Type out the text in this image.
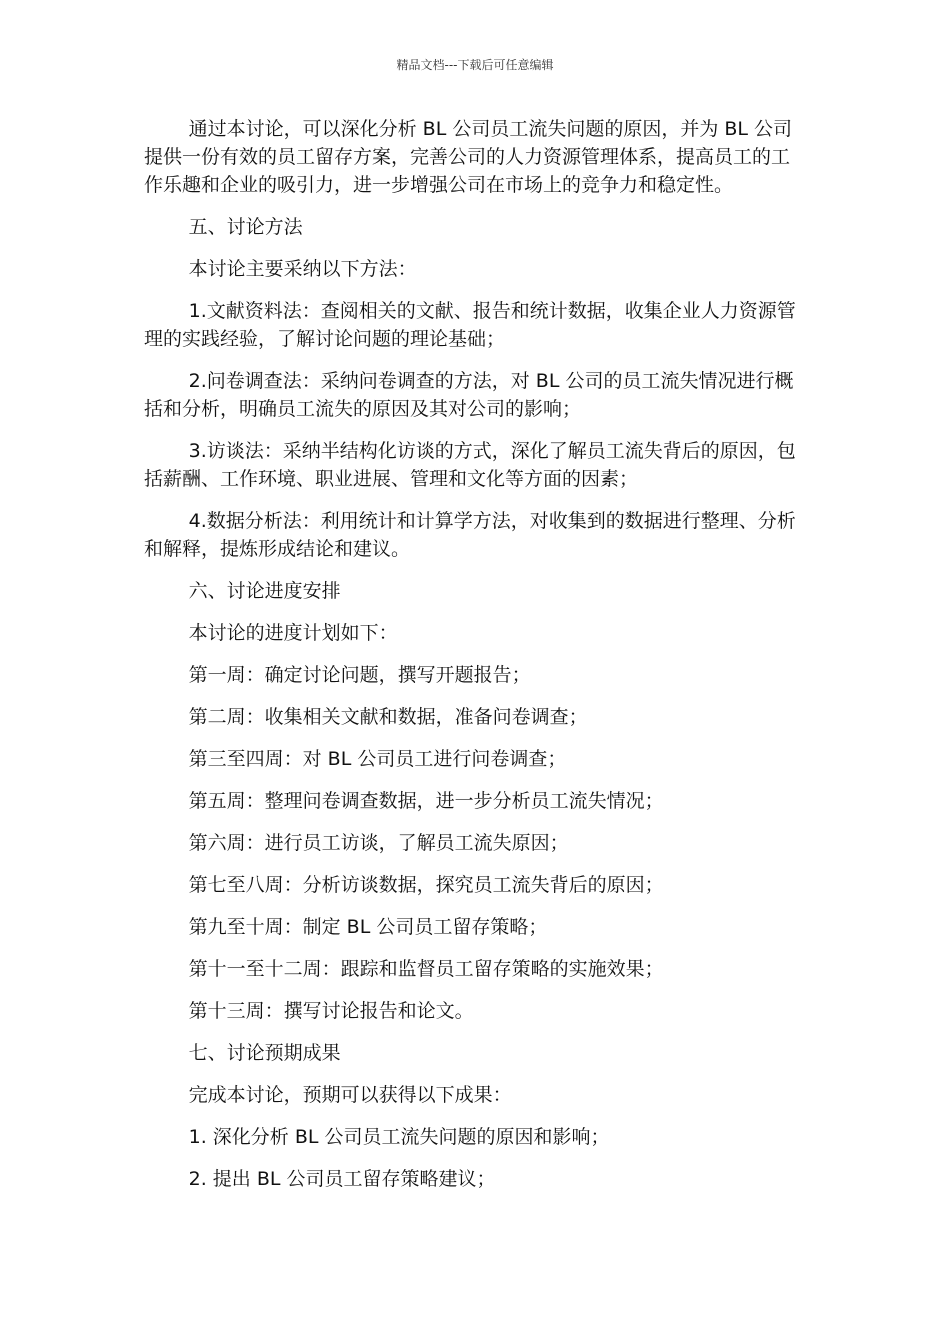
精品文档---下载后可任意编辑

通过本讨论，可以深化分析 BL 公司员工流失问题的原因，并为 BL 公司提供一份有效的员工留存方案，完善公司的人力资源管理体系，提高员工的工作乐趣和企业的吸引力，进一步增强公司在市场上的竞争力和稳定性。

五、讨论方法

本讨论主要采纳以下方法：

1.文献资料法：查阅相关的文献、报告和统计数据，收集企业人力资源管理的实践经验，了解讨论问题的理论基础；

2.问卷调查法：采纳问卷调查的方法，对 BL 公司的员工流失情况进行概括和分析，明确员工流失的原因及其对公司的影响；

3.访谈法：采纳半结构化访谈的方式，深化了解员工流失背后的原因，包括薪酬、工作环境、职业进展、管理和文化等方面的因素；

4.数据分析法：利用统计和计算学方法，对收集到的数据进行整理、分析和解释，提炼形成结论和建议。

六、讨论进度安排

本讨论的进度计划如下：

第一周：确定讨论问题，撰写开题报告；

第二周：收集相关文献和数据，准备问卷调查；

第三至四周：对 BL 公司员工进行问卷调查；

第五周：整理问卷调查数据，进一步分析员工流失情况；

第六周：进行员工访谈，了解员工流失原因；

第七至八周：分析访谈数据，探究员工流失背后的原因；

第九至十周：制定 BL 公司员工留存策略；

第十一至十二周：跟踪和监督员工留存策略的实施效果；

第十三周：撰写讨论报告和论文。

七、讨论预期成果

完成本讨论，预期可以获得以下成果：

1. 深化分析 BL 公司员工流失问题的原因和影响；

2. 提出 BL 公司员工留存策略建议；
